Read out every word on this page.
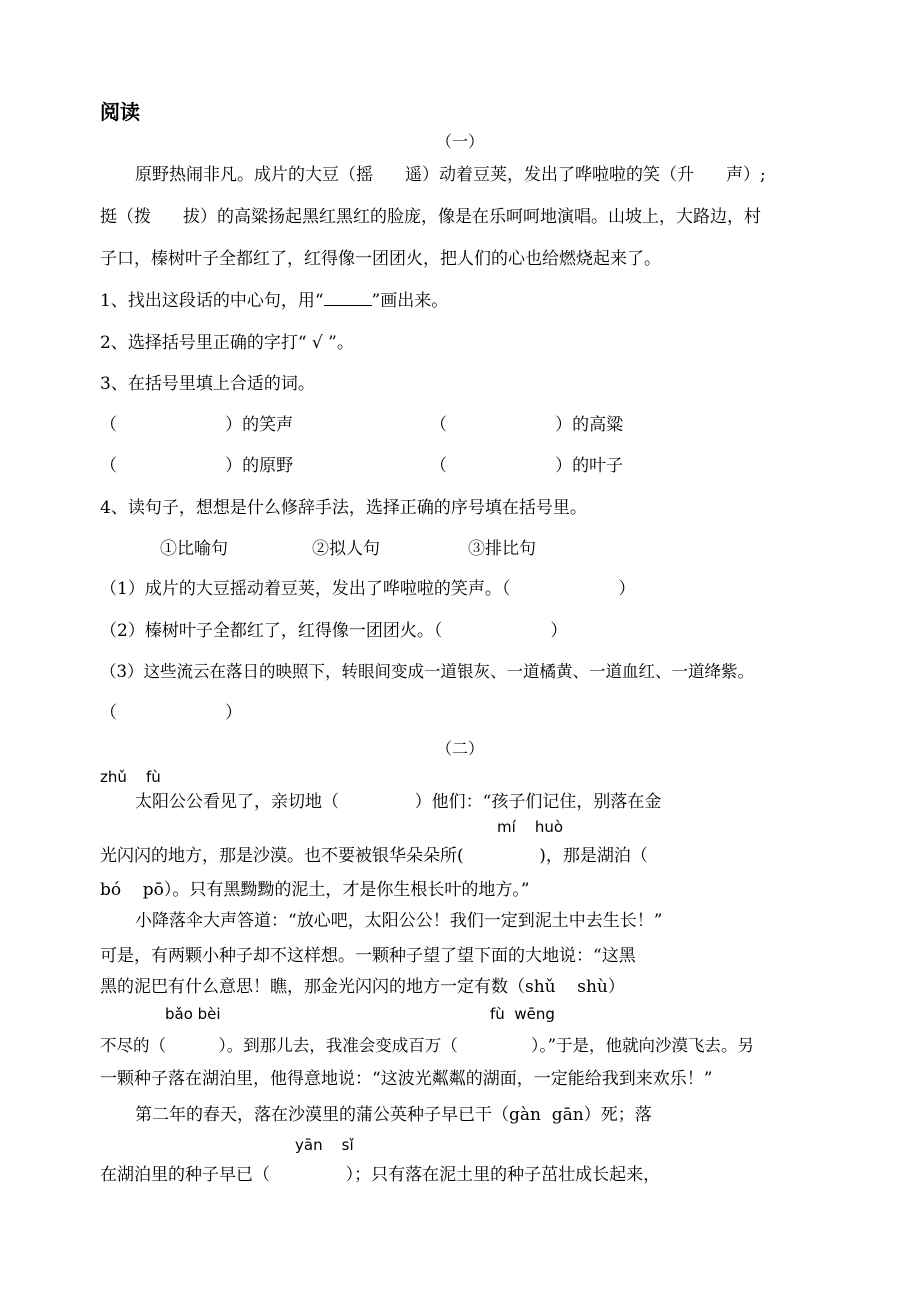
阅读
（一）
原野热闹非凡。成片的大豆（摇 遥）动着豆荚，发出了哗啦啦的笑（升 声）;
挺（拨 拔）的高粱扬起黑红黑红的脸庞，像是在乐呵呵地演唱。山坡上，大路边，村
子口，榛树叶子全都红了，红得像一团团火，把人们的心也给燃烧起来了。
1、找出这段话的中心句，用“	”画出来。
2、选择括号里正确的字打“ √ ”。
3、在括号里填上合适的词。
（                    ）的笑声	（                    ）的高粱
（                    ）的原野	（                    ）的叶子
4、读句子，想想是什么修辞手法，选择正确的序号填在括号里。
①比喻句	②拟人句	③排比句
（1）成片的大豆摇动着豆荚，发出了哗啦啦的笑声。（                    ）
（2）榛树叶子全都红了，红得像一团团火。（                    ）
（3）这些流云在落日的映照下，转眼间变成一道银灰、一道橘黄、一道血红、一道绛紫。
（                    ）
（二）
zhǔ    fù
太阳公公看见了，亲切地（              ）他们：“孩子们记住，别落在金
mí    huò
光闪闪的地方，那是沙漠。也不要被银华朵朵所(              )，那是湖泊（
bó    pō）。只有黑黝黝的泥土，才是你生根长叶的地方。”
小降落伞大声答道：“放心吧，太阳公公！我们一定到泥土中去生长！”
可是，有两颗小种子却不这样想。一颗种子望了望下面的大地说：“这黑
黑的泥巴有什么意思！瞧，那金光闪闪的地方一定有数（shǔ    shù）
bǎo bèi	fù  wēng
不尽的（          ）。到那儿去，我准会变成百万（              ）。”于是，他就向沙漠飞去。另
一颗种子落在湖泊里，他得意地说：“这波光粼粼的湖面，一定能给我到来欢乐！”
第二年的春天，落在沙漠里的蒲公英种子早已干（gàn  gān）死；落
yān    sǐ
在湖泊里的种子早已（              ）；只有落在泥土里的种子茁壮成长起来，
